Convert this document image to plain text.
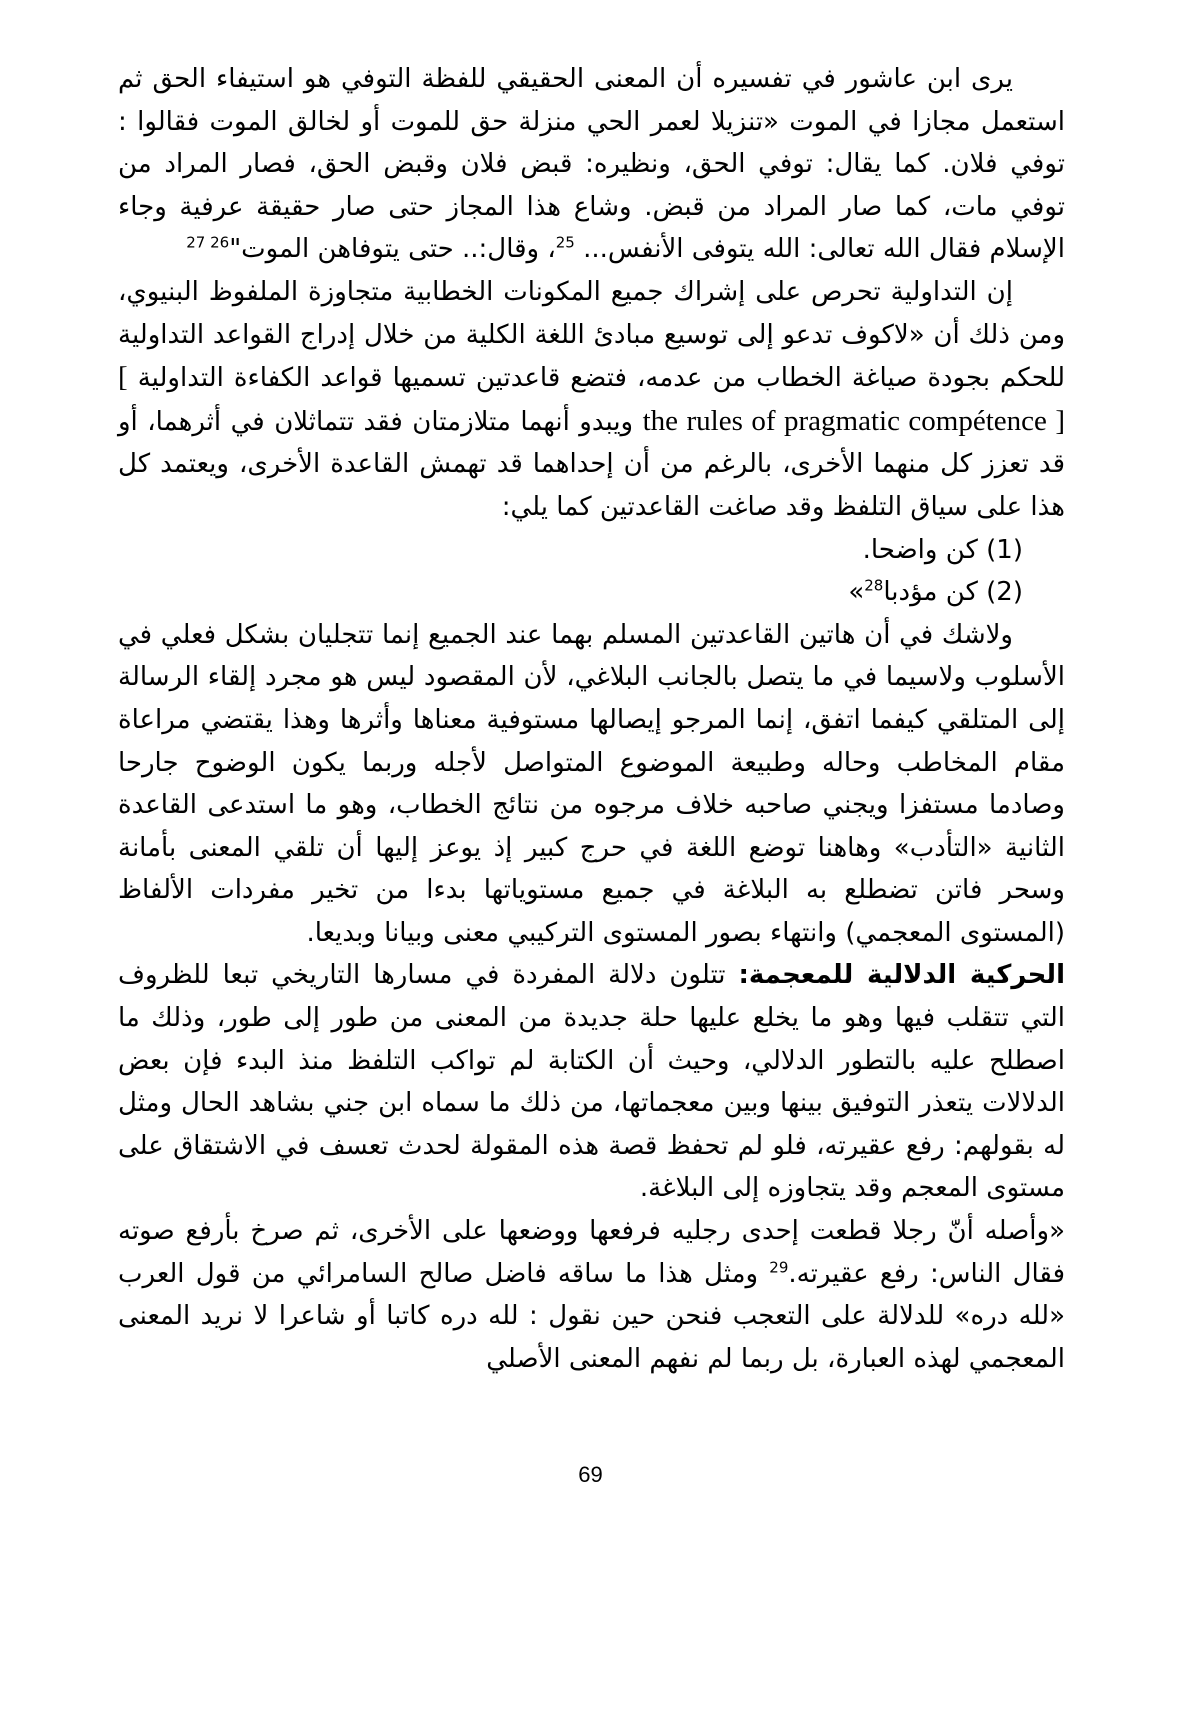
يرى ابن عاشور في تفسيره أن المعنى الحقيقي للفظة التوفي هو استيفاء الحق ثم استعمل مجازا في الموت «تنزيلا لعمر الحي منزلة حق للموت أو لخالق الموت فقالوا : توفي فلان. كما يقال: توفي الحق، ونظيره: قبض فلان وقبض الحق، فصار المراد من توفي مات، كما صار المراد من قبض. وشاع هذا المجاز حتى صار حقيقة عرفية وجاء الإسلام فقال الله تعالى: الله يتوفى الأنفس... $^{25}$، وقال:.. حتى يتوفاهن الموت"$^{26 27}$

إن التداولية تحرص على إشراك جميع المكونات الخطابية متجاوزة الملفوظ البنيوي، ومن ذلك أن «لاكوف تدعو إلى توسيع مبادئ اللغة الكلية من خلال إدراج القواعد التداولية للحكم بجودة صياغة الخطاب من عدمه، فتضع قاعدتين تسميها قواعد الكفاءة التداولية [ the rules of pragmatic compétence ] ويبدو أنهما متلازمتان فقد تتماثلان في أثرهما، أو قد تعزز كل منهما الأخرى، بالرغم من أن إحداهما قد تهمش القاعدة الأخرى، ويعتمد كل هذا على سياق التلفظ وقد صاغت القاعدتين كما يلي:

(1) كن واضحا.

(2) كن مؤدبا$^{28}$»

ولاشك في أن هاتين القاعدتين المسلم بهما عند الجميع إنما تتجليان بشكل فعلي في الأسلوب ولاسيما في ما يتصل بالجانب البلاغي، لأن المقصود ليس هو مجرد إلقاء الرسالة إلى المتلقي كيفما اتفق، إنما المرجو إيصالها مستوفية معناها وأثرها وهذا يقتضي مراعاة مقام المخاطب وحاله وطبيعة الموضوع المتواصل لأجله وربما يكون الوضوح جارحا وصادما مستفزا ويجني صاحبه خلاف مرجوه من نتائج الخطاب، وهو ما استدعى القاعدة الثانية «التأدب» وهاهنا توضع اللغة في حرج كبير إذ يوعز إليها أن تلقي المعنى بأمانة وسحر فاتن تضطلع به البلاغة في جميع مستوياتها بدءا من تخير مفردات الألفاظ (المستوى المعجمي) وانتهاء بصور المستوى التركيبي معنى وبيانا وبديعا.

الحركية الدلالية للمعجمة: تتلون دلالة المفردة في مسارها التاريخي تبعا للظروف التي تتقلب فيها وهو ما يخلع عليها حلة جديدة من المعنى من طور إلى طور، وذلك ما اصطلح عليه بالتطور الدلالي، وحيث أن الكتابة لم تواكب التلفظ منذ البدء فإن بعض الدلالات يتعذر التوفيق بينها وبين معجماتها، من ذلك ما سماه ابن جني بشاهد الحال ومثل له بقولهم: رفع عقيرته، فلو لم تحفظ قصة هذه المقولة لحدث تعسف في الاشتقاق على مستوى المعجم وقد يتجاوزه إلى البلاغة.

«وأصله أنّ رجلا قطعت إحدى رجليه فرفعها ووضعها على الأخرى، ثم صرخ بأرفع صوته فقال الناس: رفع عقيرته.$^{29}$ ومثل هذا ما ساقه فاضل صالح السامرائي من قول العرب «لله دره» للدلالة على التعجب فنحن حين نقول : لله دره كاتبا أو شاعرا لا نريد المعنى المعجمي لهذه العبارة، بل ربما لم نفهم المعنى الأصلي

69
